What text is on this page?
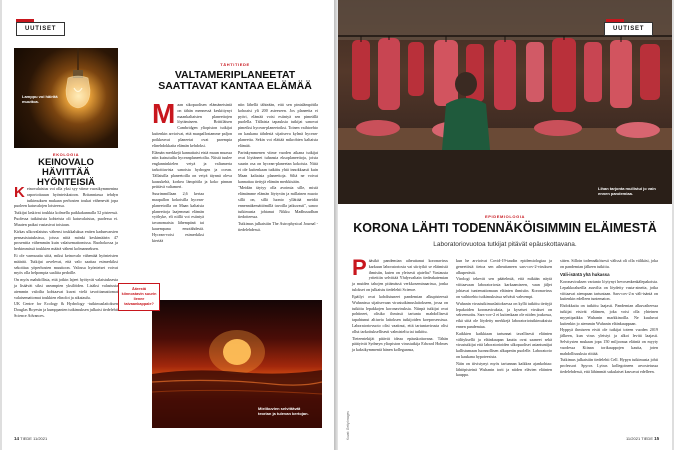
UUTISET
Lamppu voi häiritä muuttoa.
EKOLOGIA
KEINOVALO HÄVITTÄÄ HYÖNTEISIÄ
K einovalaistus voi olla yksi syy viime vuosikymmenina raportoitauun hyönteiskatoon. Britanniassa tehdyn tutkimuksen mukaan perhosten toukat vähenevät jopa puoleen katuvalojen loisteessa.

Tutkijat laskivat toukkia kolmella paikkakunnalla 52 pisteessä. Puolessa tutkituista kohteista oli katuvalaistus, puolessa ei. Muuten paikat vastasivat toisiaan.

Kirkas ulkovalaistus vähensi toukkalukua eniten kadunvarsien pensasistutuksissa, joissa niitä mönki keskimäärin 47 prosenttia vähemmän kuin valaisemattomissa. Ruohokossa ja herkimmissä toukkien määrä väheni kolmanneksen.

Ei ole varmuutta siitä, miksi keinovalo vähentää hyönteisten määrää. Tutkijat arvelevat, että valo saattaa esimerkiksi sekoittaa yöperhosten muuttoon. Valossa hyönteiset voivat myös olla helpompia saaliita pedoille.

On myös mahdollista, että jotkin lajeet hyötyvät valaistuksesta ja lisäävät siksi useampien yksilöiden. Lisäksi valastusta aiemmin valoilta kohtaavat kuvat vielä tavoittamattomat valaisemattomat toukkien elinolot ja aikataulu.

UK Centre for Ecology & Hydrology -tutkimuslaitoksen Douglas Boyesin ja kumppanien tutkimuksen julkaisi tiedelehti Science Advances.

TÄHTITIEDE
VALTAMERIPLANEETAT SAATTAVAT KANTAA ELÄMÄÄ
M aan sikopuolisen elämänetsintä on tähän mennessä keskittynyt maankaltaisten planeettojen löytämiseen. Brittiläisen Cambridgen yliopiston tutkijat kuitenkin arvioivat, että maapallostamme paljon poikkeavat planeetat ovat parempia elinehdokkaita elämän kehdoksi.

Elämän merkkejä kannattaisi etsiä muun muassa niin kutsutuilta hyceanplaneetoilta. Niistä tuulee englanninkielen vetyä ja valtamerta tarkoittavista sanoista hydrogen ja ocean. Tällaisilla planeetoilla on vetyä täynnä oleva kaasukehä, korkea lämpötila ja koko pinnan peittävä valtameri.

Suurimmillaan 2,6 kertaa maapallon kokoisilla hycean-planeetoilla on Maan kaltaisia planeettoja laajemmat elämän vyöhyke, eli niillä voi esiintyä tavanomaista lähempänä tai kauempana emotähdestä. Hycean-voisi esimerkiksi kiertää

niin lähellä tähteään, että sen pintalämpötila kohoaisi yli 200 asteeseen. Jos planeetta ei pyöri, elämää voisi esiintyä sen pimeällä puolella. Tällaista tapauksia tutkijat sanovat pimeiksi hycean-planeetoiksi. Toinen vaihtoehto on kaukana tähdestä sijaitseva kylmä hycean-planeetta. Sekin voi elättää mikrobien kaltaista elämää.

Parinkymmenen viime vuoden aikana tutkijat ovat löytäneet tuhansia eksoplaneettoja, joista suurin osa on hycean-planeetan kokoisia. Niitä ei ole kuitenkaan tutkittu yhtä innokkaasti kuin Maan kaltaisia planeettoja. Siltä ne voivat kannattaa tiettyjä elämän merkkisään.

"Meidän täytyy olla avoimia sille, mistä elämämme elämän löytyvän ja millainen muoto sillä on, sillä luonto yllättää meidät ennennäkemättömillä tavoilla jatkuvasti", sanoo tutkimusta johtanut Nikku Madhusudhan tiedotteessa.

Tutkimus julkaistiin The Astrophysical Journal -tiedelehdessä.

Äärestä kiinnostavin suurin lienee taivaankappale?
Mielikuvien selvittävät teorian ja tulevan kertojan.
14 TIEDE 11/2021
Lihan tarjonta mullistui jo vain ennen pandemiaa.
UUTISET
Kuvat: Getty Images
EPIDEMIOLOGIA
KORONA LÄHTI TODENNÄKÖISIMMIN ELÄIMESTÄ
Laboratoriovuotoa tutkijat pitävät epäuskottavana.
P ääsikö pandemian aiheuttanut koronavirus karkuun laboratoriosta vai siirtyikö se eläimistä ihmisiin, kuten on yleisesti ajateltu? Vastausta yritettiin selvittää Yhdysvaltain tiedeakatemian ja muiden tahojen pitämässä verkkoseminaarissa, jonka tulokset on julkaistu tiedelehti Science.

Epäilyt ovat kohdistuneet pandemian alkupisteessä Wuhanissa sijaitsevaan virustutkimuslaitokseen, jossa on tutkittu lepakkojen koronaviruksia. Niinpä tutkijat ovat pohtineet, olisiko ihmissä tartunta mahdollisesti tapahtunut altiuvia laitoksen tutkijoiden koeprosessissa. Laboratoriovuoto olisi vaatinut, että tartuntavirusta olisi ollut tarkoituksellisesti valmisteltu tai tutkittu.

Tieteentekijät pitävät ideaa epäuskottavana. Tähän päätyivät Sydneyn yliopiston virustutkija Edward Holmes ja kaksikymmentä hänen kollegaansa,

kun he arvioivat Covid-19-taudin epidemiologiaa ja geneettistä tietoa sen aiheuttaneen sars-cov-2-viruksen alkuperästä.

Virologi tekevät sen päätelmiä, että mikään näytä viittaavaan laboratoriosta karkaamiseen, vaan jäljet johtavat tuntemattomaan eläinten ihmisiin. Koronavirus on vaihtoehto tutkimuksissa selvästi vahvempi.

Wuhanin virustutkimuslaitoksessa on kyllä tutkittu tiettyjä lepakoiden koronaviruksia, ja kyseiset virukset on sekvensoitu. Sars-cov-2 ei kuitenkaan ole niiden joukossa, eikä siitä ole löydetty merkkejä laboratoriotutkimuksista ennen pandemiaa.

Kaikkien kaikkiaan tartunnat tavallisesti eläinten välityksellä ja eläinkaupan kautta ovat saaneet sekä virustutkijat että laboratorioiden ulkopuoliset asiantuntijat kallistumaan luonnollisen alkuperän puolelle. Laboratorio on kaukana hypoteesista.

Näin on tiivistynyt myös tartunnan kaikkea ajankohtaa: lähtöpisteinä Wuhanin torit ja niiden elävien eläinten kauppa.

sitten. Silloin todennäköisesti välissä oli olla välikäsi, joka on pandemian jälkeen tutkittu.

Väli-isäntä yhä hukassa

Koronaviruksen varianto löytynyt hevosenkenkälepakoista. Lepakkoalueilla asuvilta on löydetty vasta-aineita, jotka viittaavat aiempaan tartuntaan. Sars-cov-2:n väli-isäntä on kuitenkin edelleen tuntematon.

Ehdokkaita on tutkittu laajasti. Pandemian alkuvaiheessa tutkijat etsivät eläimen, joka voisi olla yhteinen myyntipaikka Wuhanin markkinoilla. Ne kuuluvat kuitenkin jo aiemmin Wuhanin eläinkauppaan.

Hyppyä ihmiseen eivät ole tutkijat toteen vuoden 2019 jälkeen, kun virus yleistyi ja alkoi levitä laajasti. Selvitysten mukaan jopa 150 miljoonaa eläintä on myyty vuodessa Kiinan torikauppojen kautta, joten mahdollisuuksia riittää.

Tutkimus julkaistiin tiedelehti Cell. Hypyn tutkimusta johti professori Spyros Lytras kollegoineen arvostetussa tiedelehdessä, että lähimmät sukulaiset kasvavat edelleen.

11/2021 TIEDE 15
